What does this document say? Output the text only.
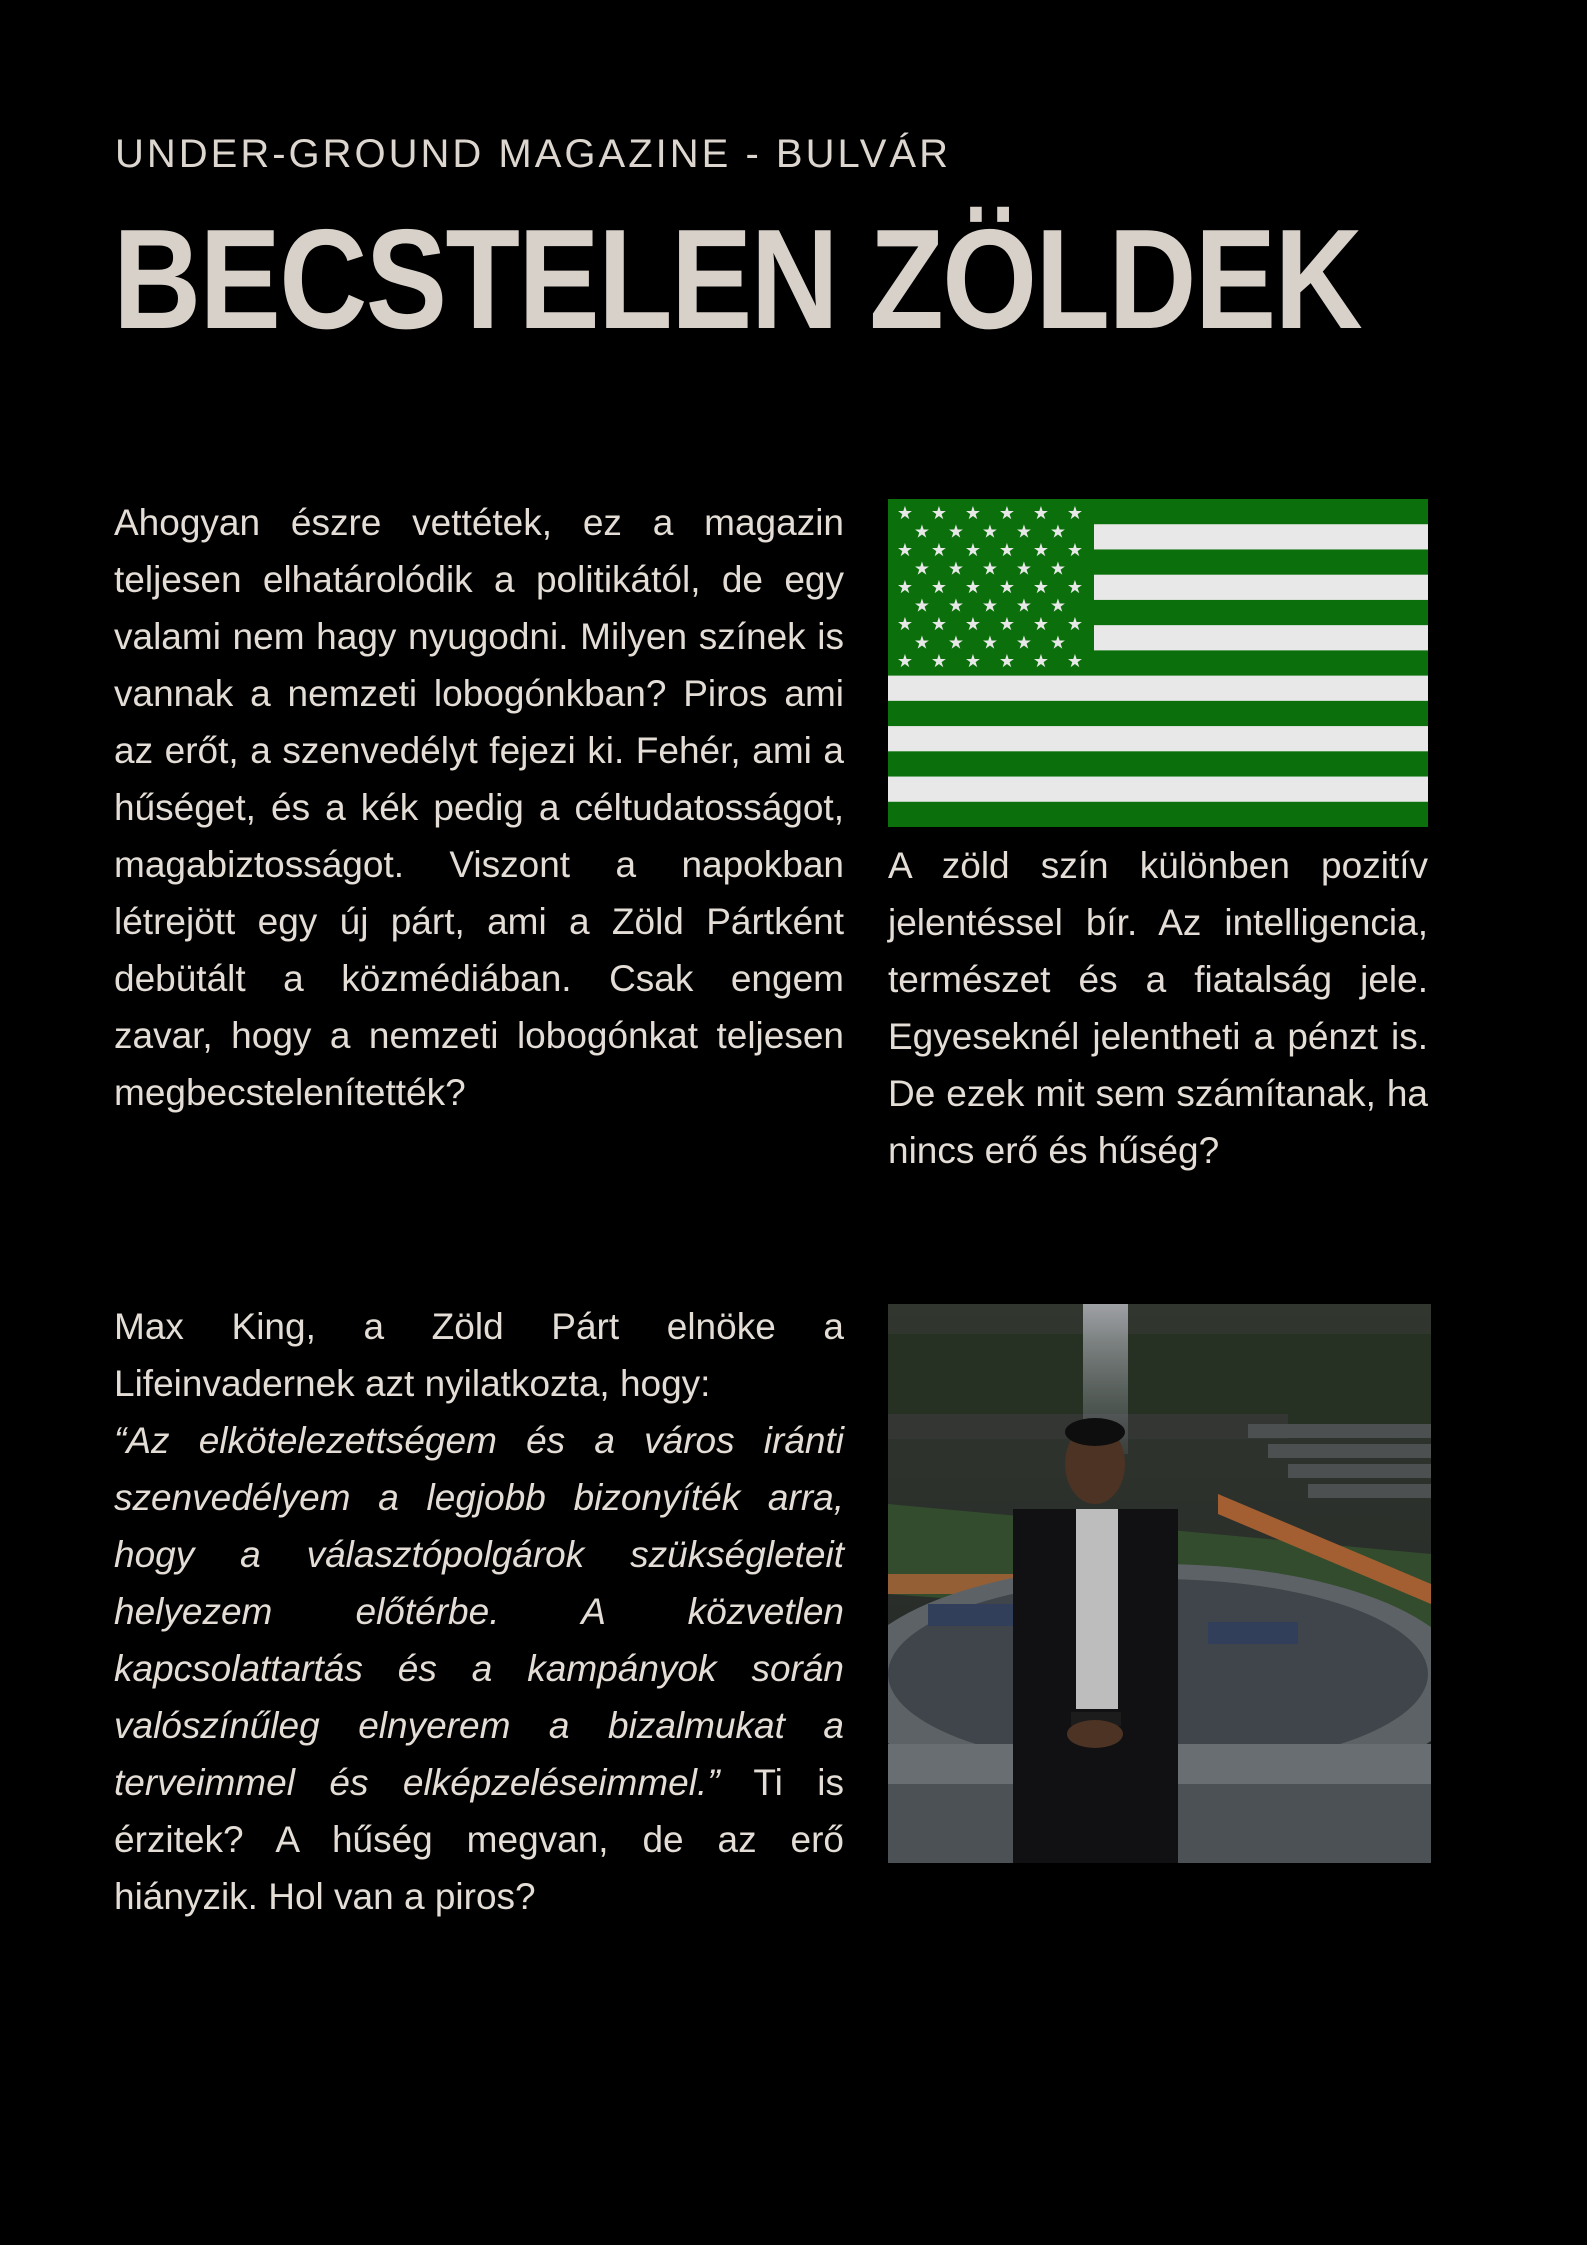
UNDER-GROUND MAGAZINE - BULVÁR
BECSTELEN ZÖLDEK

Ahogyan észre vettétek, ez a magazin teljesen elhatárolódik a politikától, de egy valami nem hagy nyugodni. Milyen színek is vannak a nemzeti lobogónkban? Piros ami az erőt, a szenvedélyt fejezi ki. Fehér, ami a hűséget, és a kék pedig a céltudatosságot, magabiztosságot. Viszont a napokban létrejött egy új párt, ami a Zöld Pártként debütált a közmédiában. Csak engem zavar, hogy a nemzeti lobogónkat teljesen megbecstelenítették?

★ ★ ★ ★ ★ ★
★ ★ ★ ★ ★
★ ★ ★ ★ ★ ★
★ ★ ★ ★ ★
★ ★ ★ ★ ★ ★
★ ★ ★ ★ ★
★ ★ ★ ★ ★ ★
★ ★ ★ ★ ★
★ ★ ★ ★ ★ ★

A zöld szín különben pozitív jelentéssel bír. Az intelligencia, természet és a fiatalság jele. Egyeseknél jelentheti a pénzt is. De ezek mit sem számítanak, ha nincs erő és hűség?

Max King, a Zöld Párt elnöke a Lifeinvadernek azt nyilatkozta, hogy:
“Az elkötelezettségem és a város iránti szenvedélyem a legjobb bizonyíték arra, hogy a választópolgárok szükségleteit helyezem előtérbe. A közvetlen kapcsolattartás és a kampányok során valószínűleg elnyerem a bizalmukat a terveimmel és elképzeléseimmel.” Ti is érzitek? A hűség megvan, de az erő hiányzik. Hol van a piros?
